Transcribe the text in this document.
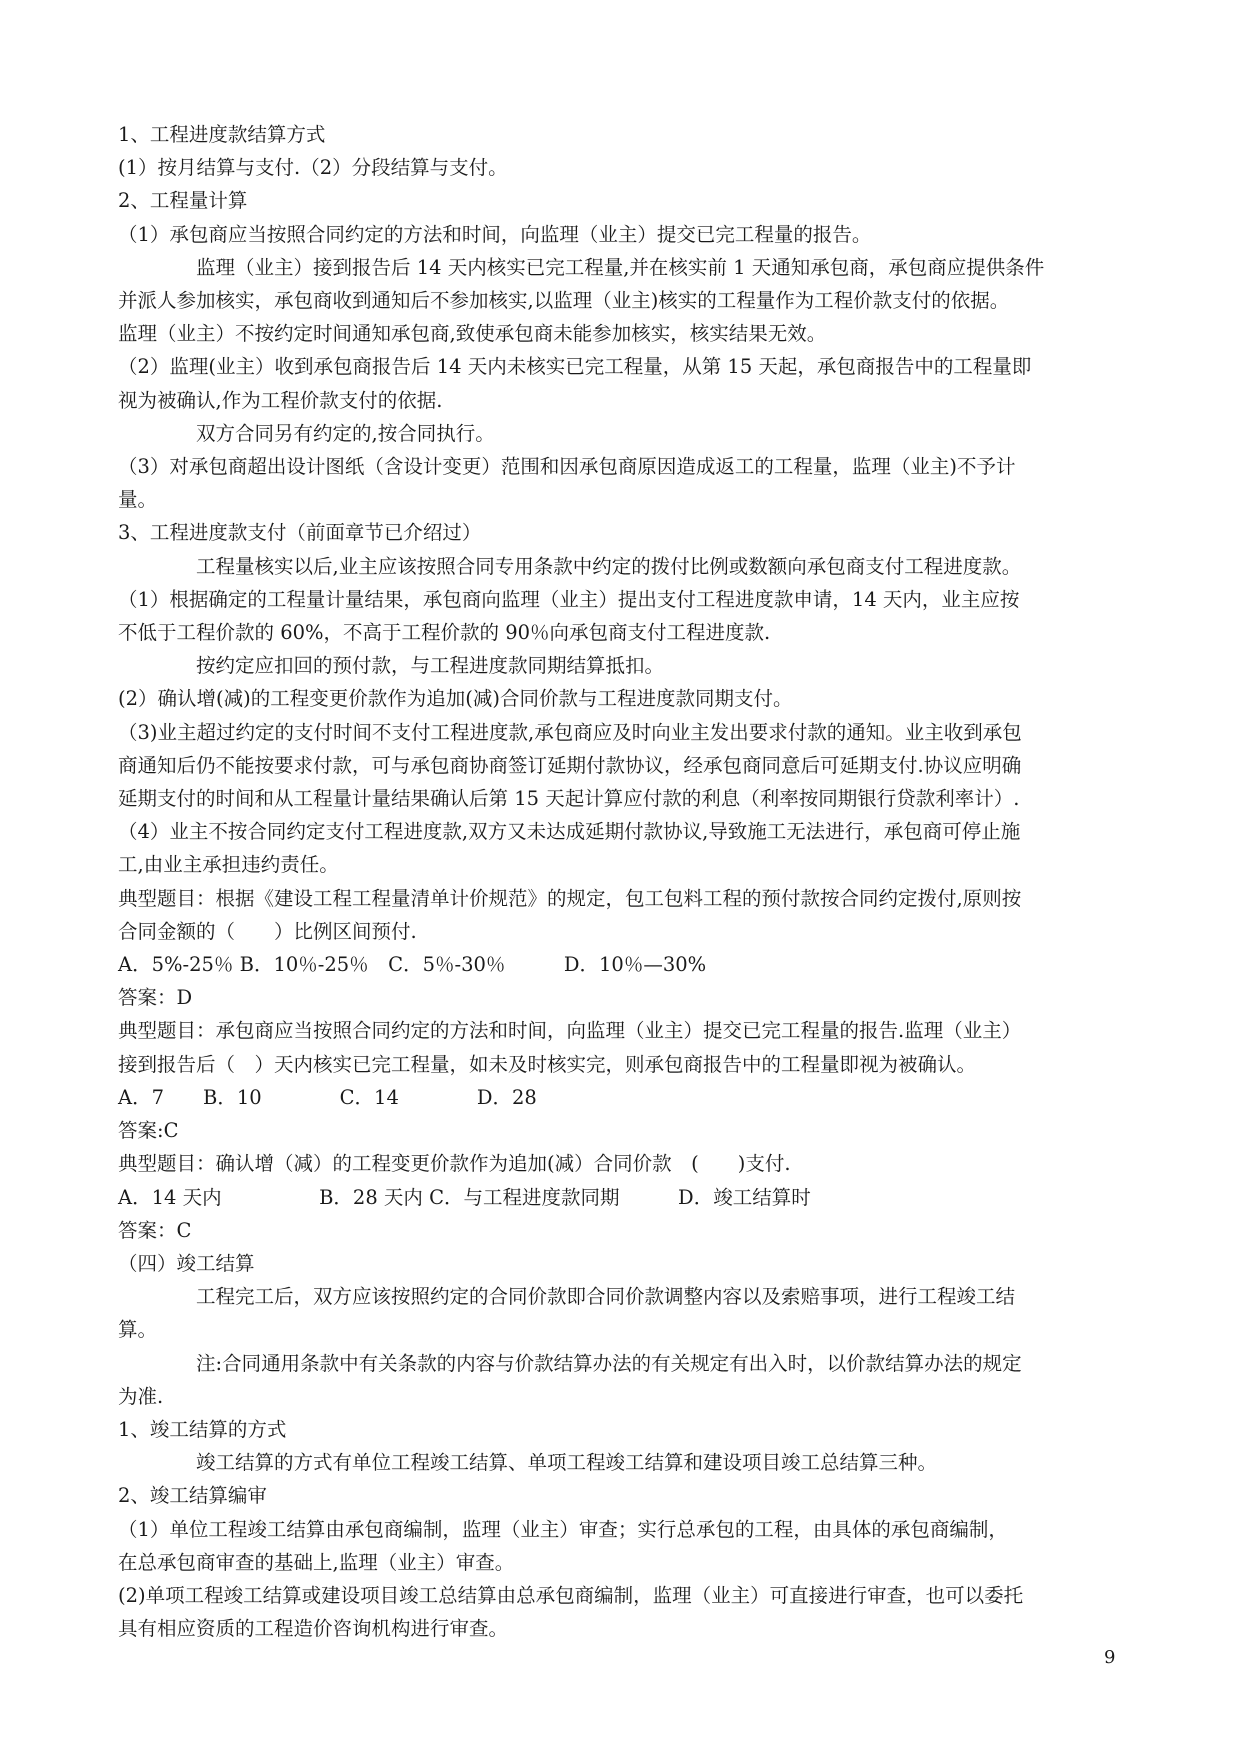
1、工程进度款结算方式
(1）按月结算与支付.（2）分段结算与支付。
2、工程量计算
（1）承包商应当按照合同约定的方法和时间，向监理（业主）提交已完工程量的报告。
监理（业主）接到报告后 14 天内核实已完工程量,并在核实前 1 天通知承包商，承包商应提供条件
并派人参加核实，承包商收到通知后不参加核实,以监理（业主)核实的工程量作为工程价款支付的依据。
监理（业主）不按约定时间通知承包商,致使承包商未能参加核实，核实结果无效。
（2）监理(业主）收到承包商报告后 14 天内未核实已完工程量，从第 15 天起，承包商报告中的工程量即
视为被确认,作为工程价款支付的依据.
双方合同另有约定的,按合同执行。
（3）对承包商超出设计图纸（含设计变更）范围和因承包商原因造成返工的工程量，监理（业主)不予计
量。
3、工程进度款支付（前面章节已介绍过）
工程量核实以后,业主应该按照合同专用条款中约定的拨付比例或数额向承包商支付工程进度款。
（1）根据确定的工程量计量结果，承包商向监理（业主）提出支付工程进度款申请，14 天内，业主应按
不低于工程价款的 60%，不高于工程价款的 90％向承包商支付工程进度款.
按约定应扣回的预付款，与工程进度款同期结算抵扣。
(2）确认增(减)的工程变更价款作为追加(减)合同价款与工程进度款同期支付。
（3)业主超过约定的支付时间不支付工程进度款,承包商应及时向业主发出要求付款的通知。业主收到承包
商通知后仍不能按要求付款，可与承包商协商签订延期付款协议，经承包商同意后可延期支付.协议应明确
延期支付的时间和从工程量计量结果确认后第 15 天起计算应付款的利息（利率按同期银行贷款利率计）.
（4）业主不按合同约定支付工程进度款,双方又未达成延期付款协议,导致施工无法进行，承包商可停止施
工,由业主承担违约责任。
典型题目：根据《建设工程工程量清单计价规范》的规定，包工包料工程的预付款按合同约定拨付,原则按
合同金额的（　　）比例区间预付.
A．5%-25％ B．10％-25％　C．5％-30％　　　D．10％—30%
答案：D
典型题目：承包商应当按照合同约定的方法和时间，向监理（业主）提交已完工程量的报告.监理（业主）
接到报告后（　）天内核实已完工程量，如未及时核实完，则承包商报告中的工程量即视为被确认。
A．7　　B．10　　　　C．14　　　　D．28
答案:C
典型题目：确认增（减）的工程变更价款作为追加(减）合同价款　(　　)支付.
A．14 天内　　　　　B．28 天内 C．与工程进度款同期　　　D．竣工结算时
答案：C
（四）竣工结算
工程完工后，双方应该按照约定的合同价款即合同价款调整内容以及索赔事项，进行工程竣工结
算。
注:合同通用条款中有关条款的内容与价款结算办法的有关规定有出入时，以价款结算办法的规定
为准.
1、竣工结算的方式
竣工结算的方式有单位工程竣工结算、单项工程竣工结算和建设项目竣工总结算三种。
2、竣工结算编审
（1）单位工程竣工结算由承包商编制，监理（业主）审查；实行总承包的工程，由具体的承包商编制，
在总承包商审查的基础上,监理（业主）审查。
(2)单项工程竣工结算或建设项目竣工总结算由总承包商编制，监理（业主）可直接进行审查，也可以委托
具有相应资质的工程造价咨询机构进行审查。
9
